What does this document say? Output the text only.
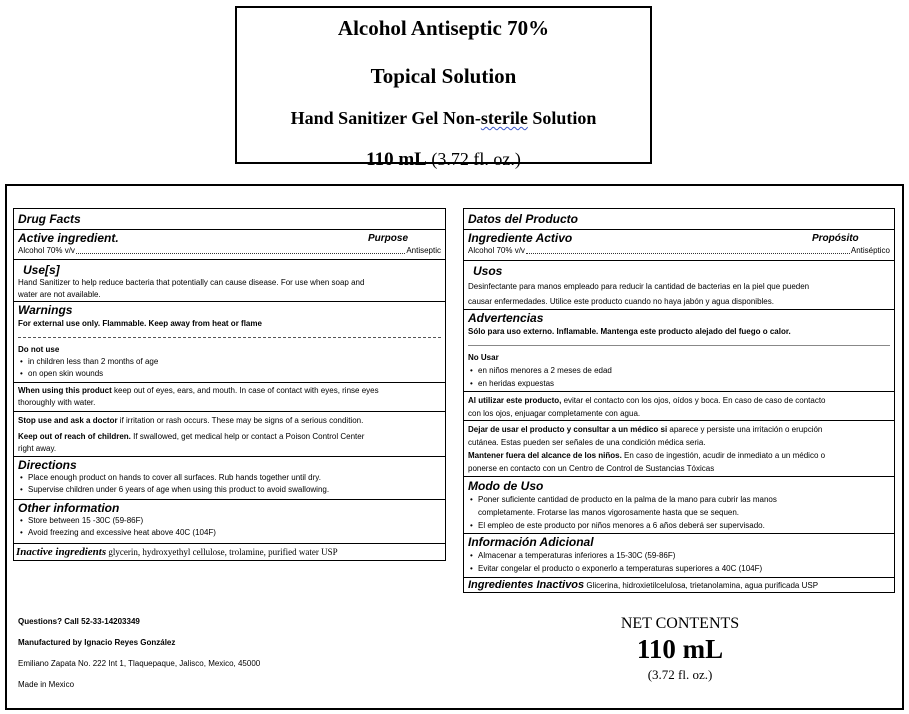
Alcohol Antiseptic 70%
Topical Solution
Hand Sanitizer Gel Non-sterile Solution
110 mL (3.72 fl. oz.)
Drug Facts
Active ingredient.	Purpose
Alcohol 70% v/v	Antiseptic
Use[s]
Hand Sanitizer to help reduce bacteria that potentially can cause disease. For use when soap and
water are not available.
Warnings
For external use only. Flammable. Keep away from heat or flame
Do not use
• in children less than 2 months of age
• on open skin wounds
When using this product keep out of eyes, ears, and mouth. In case of contact with eyes, rinse eyes
thoroughly with water.
Stop use and ask a doctor if irritation or rash occurs. These may be signs of a serious condition.
Keep out of reach of children. If swallowed, get medical help or contact a Poison Control Center
right away.
Directions
• Place enough product on hands to cover all surfaces. Rub hands together until dry.
• Supervise children under 6 years of age when using this product to avoid swallowing.
Other information
• Store between 15 -30C (59-86F)
• Avoid freezing and excessive heat above 40C (104F)
Inactive ingredients glycerin, hydroxyethyl cellulose, trolamine, purified water USP
Datos del Producto
Ingrediente Activo	Propósito
Alcohol 70% v/v	Antiséptico
Usos
Desinfectante para manos empleado para reducir la cantidad de bacterias en la piel que pueden
causar enfermedades. Utilice este producto cuando no haya jabón y agua disponibles.
Advertencias
Sólo para uso externo. Inflamable. Mantenga este producto alejado del fuego o calor.
No Usar
• en niños menores a 2 meses de edad
• en heridas expuestas
Al utilizar este producto, evitar el contacto con los ojos, oídos y boca. En caso de caso de contacto
con los ojos, enjuagar completamente con agua.
Dejar de usar el producto y consultar a un médico si aparece y persiste una irritación o erupción
cutánea. Estas pueden ser señales de una condición médica seria.
Mantener fuera del alcance de los niños. En caso de ingestión, acudir de inmediato a un médico o
ponerse en contacto con un Centro de Control de Sustancias Tóxicas
Modo de Uso
• Poner suficiente cantidad de producto en la palma de la mano para cubrir las manos
completamente. Frotarse las manos vigorosamente hasta que se sequen.
• El empleo de este producto por niños menores a 6 años deberá ser supervisado.
Información Adicional
• Almacenar a temperaturas inferiores a 15-30C (59-86F)
• Evitar congelar el producto o exponerlo a temperaturas superiores a 40C (104F)
Ingredientes Inactivos Glicerina, hidroxietilcelulosa, trietanolamina, agua purificada USP
Questions? Call 52-33-14203349
Manufactured by Ignacio Reyes González
Emiliano Zapata No. 222 Int 1, Tlaquepaque, Jalisco, Mexico, 45000
Made in Mexico
NET CONTENTS
110 mL
(3.72 fl. oz.)
